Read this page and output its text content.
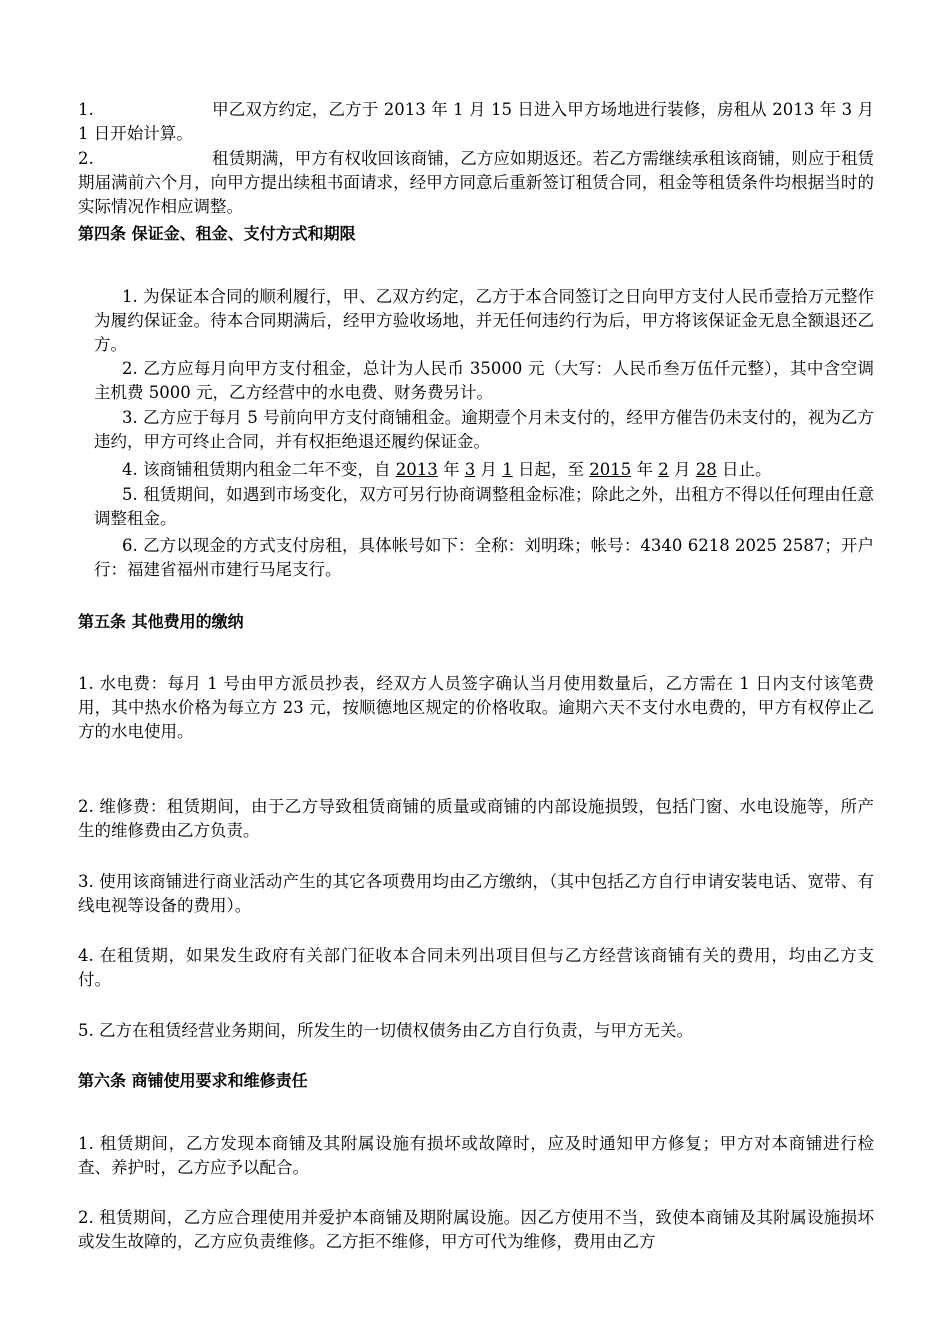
1.	甲乙双方约定，乙方于 2013 年 1 月 15 日进入甲方场地进行装修，房租从 2013 年 3 月 1 日开始计算。

2.	租赁期满，甲方有权收回该商铺，乙方应如期返还。若乙方需继续承租该商铺，则应于租赁期届满前六个月，向甲方提出续租书面请求，经甲方同意后重新签订租赁合同，租金等租赁条件均根据当时的实际情况作相应调整。

第四条 保证金、租金、支付方式和期限

1. 为保证本合同的顺利履行，甲、乙双方约定，乙方于本合同签订之日向甲方支付人民币壹拾万元整作为履约保证金。待本合同期满后，经甲方验收场地，并无任何违约行为后，甲方将该保证金无息全额退还乙方。

2. 乙方应每月向甲方支付租金，总计为人民币 35000 元（大写：人民币叁万伍仟元整），其中含空调主机费 5000 元，乙方经营中的水电费、财务费另计。

3. 乙方应于每月 5 号前向甲方支付商铺租金。逾期壹个月未支付的，经甲方催告仍未支付的，视为乙方违约，甲方可终止合同，并有权拒绝退还履约保证金。

4. 该商铺租赁期内租金二年不变，自 2013 年 3 月 1 日起，至 2015 年 2 月 28 日止。

5. 租赁期间，如遇到市场变化，双方可另行协商调整租金标准；除此之外，出租方不得以任何理由任意调整租金。

6. 乙方以现金的方式支付房租，具体帐号如下：全称：刘明珠；帐号：4340 6218 2025 2587；开户行：福建省福州市建行马尾支行。

第五条 其他费用的缴纳

1. 水电费：每月 1 号由甲方派员抄表，经双方人员签字确认当月使用数量后，乙方需在 1 日内支付该笔费用，其中热水价格为每立方 23 元，按顺德地区规定的价格收取。逾期六天不支付水电费的，甲方有权停止乙方的水电使用。

2. 维修费：租赁期间，由于乙方导致租赁商铺的质量或商铺的内部设施损毁，包括门窗、水电设施等，所产生的维修费由乙方负责。

3. 使用该商铺进行商业活动产生的其它各项费用均由乙方缴纳，（其中包括乙方自行申请安装电话、宽带、有线电视等设备的费用）。

4. 在租赁期，如果发生政府有关部门征收本合同未列出项目但与乙方经营该商铺有关的费用，均由乙方支付。

5. 乙方在租赁经营业务期间，所发生的一切债权债务由乙方自行负责，与甲方无关。

第六条 商铺使用要求和维修责任

1. 租赁期间，乙方发现本商铺及其附属设施有损坏或故障时，应及时通知甲方修复；甲方对本商铺进行检查、养护时，乙方应予以配合。

2. 租赁期间，乙方应合理使用并爱护本商铺及期附属设施。因乙方使用不当，致使本商铺及其附属设施损坏或发生故障的，乙方应负责维修。乙方拒不维修，甲方可代为维修，费用由乙方
